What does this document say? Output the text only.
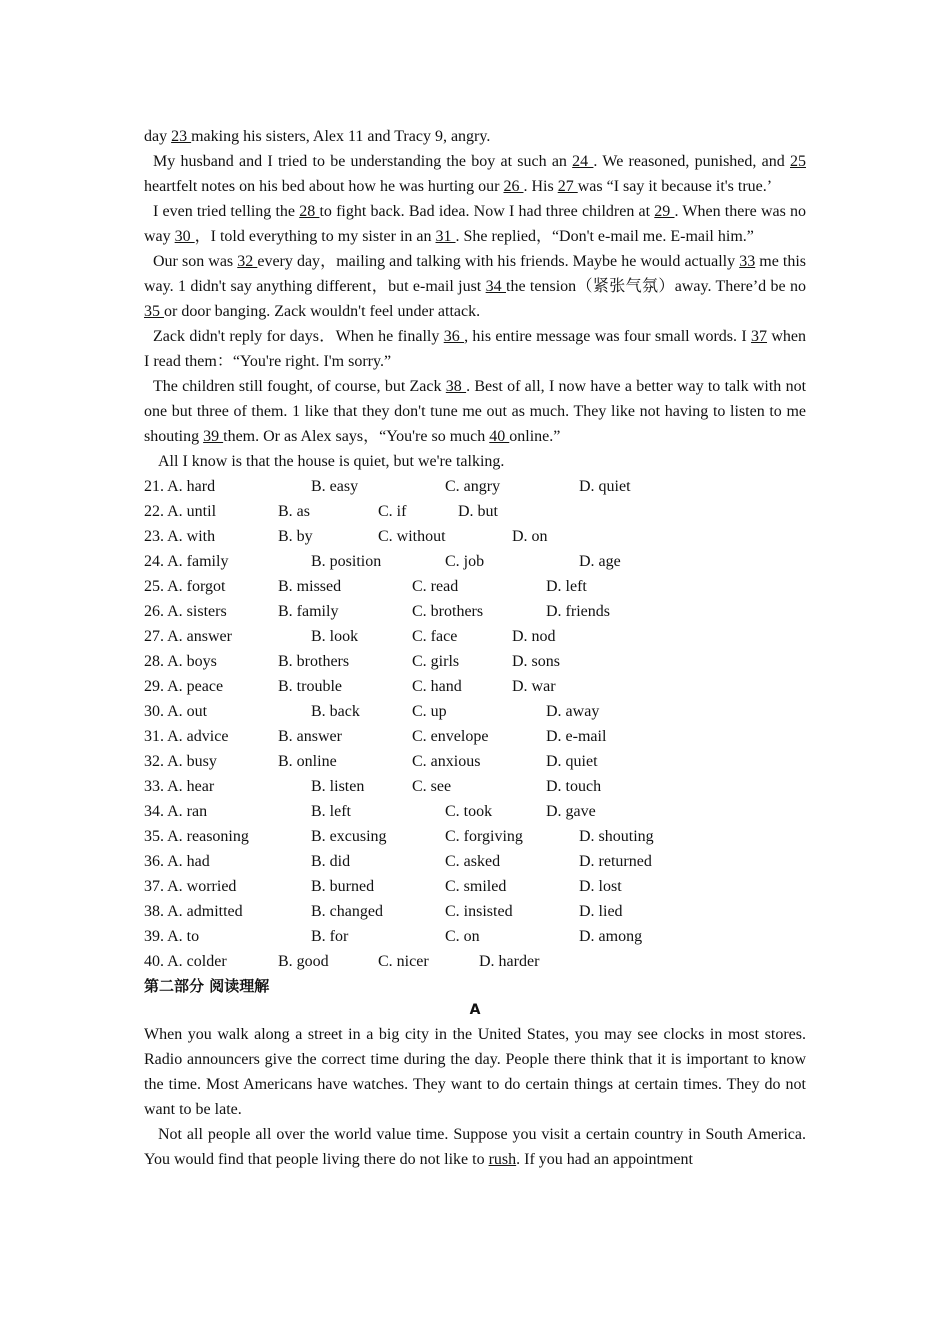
day 23 making his sisters, Alex 11 and Tracy 9, angry.

My husband and I tried to be understanding the boy at such an 24 . We reasoned, punished, and 25 heartfelt notes on his bed about how he was hurting our 26 . His 27 was “I say it because it's true.’

I even tried telling the 28 to fight back. Bad idea. Now I had three children at 29 . When there was no way 30 ，I told everything to my sister in an 31 . She replied，“Don't e-mail me. E-mail him.”

Our son was 32 every day，mailing and talking with his friends. Maybe he would actually 33 me this way. 1 didn't say anything different，but e-mail just 34 the tension（紧张气氛）away. There’d be no 35 or door banging. Zack wouldn't feel under attack.

Zack didn't reply for days．When he finally 36 , his entire message was four small words. I 37 when I read them：“You're right. I'm sorry.”

The children still fought, of course, but Zack 38 . Best of all, I now have a better way to talk with not one but three of them. 1 like that they don't tune me out as much. They like not having to listen to me shouting 39 them. Or as Alex says，“You're so much 40 online.”

All I know is that the house is quiet, but we're talking.

21. A. hard	B. easy	C. angry	D. quiet
22. A. until	B. as	C. if	D. but
23. A. with	B. by	C. without	D. on
24. A. family	B. position	C. job	D. age
25. A. forgot	B. missed	C. read	D. left
26. A. sisters	B. family	C. brothers	D. friends
27. A. answer	B. look	C. face	D. nod
28. A. boys	B. brothers	C. girls	D. sons
29. A. peace	B. trouble	C. hand	D. war
30. A. out	B. back	C. up	D. away
31. A. advice	B. answer	C. envelope	D. e-mail
32. A. busy	B. online	C. anxious	D. quiet
33. A. hear	B. listen	C. see	D. touch
34. A. ran	B. left	C. took	D. gave
35. A. reasoning	B. excusing	C. forgiving	D. shouting
36. A. had	B. did	C. asked	D. returned
37. A. worried	B. burned	C. smiled	D. lost
38. A. admitted	B. changed	C. insisted	D. lied
39. A. to	B. for	C. on	D. among
40. A. colder	B. good	C. nicer	D. harder
第二部分 阅读理解
A

When you walk along a street in a big city in the United States, you may see clocks in most stores. Radio announcers give the correct time during the day. People there think that it is important to know the time. Most Americans have watches. They want to do certain things at certain times. They do not want to be late.

Not all people all over the world value time. Suppose you visit a certain country in South America. You would find that people living there do not like to rush. If you had an appointment
